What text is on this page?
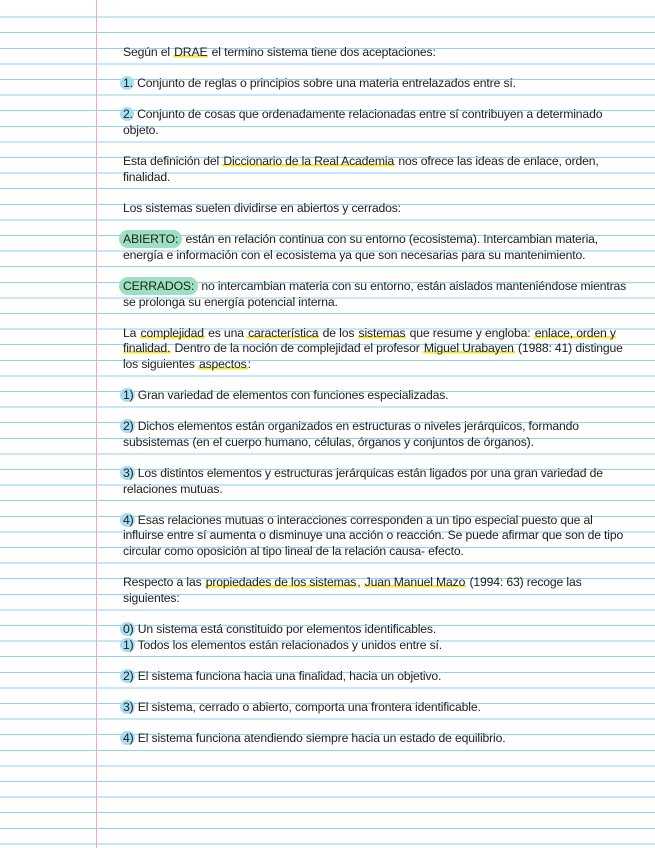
Según el DRAE el termino sistema tiene dos aceptaciones:

1. Conjunto de reglas o principios sobre una materia entrelazados entre sí.

2. Conjunto de cosas que ordenadamente relacionadas entre sí contribuyen a determinado objeto.

Esta definición del Diccionario de la Real Academia nos ofrece las ideas de enlace, orden, finalidad.

Los sistemas suelen dividirse en abiertos y cerrados:

ABIERTO: están en relación continua con su entorno (ecosistema). Intercambian materia, energía e información con el ecosistema ya que son necesarias para su mantenimiento.

CERRADOS: no intercambian materia con su entorno, están aislados manteniéndose mientras se prolonga su energía potencial interna.

La complejidad es una característica de los sistemas que resume y engloba: enlace, orden y finalidad. Dentro de la noción de complejidad el profesor Miguel Urabayen (1988: 41) distingue los siguientes aspectos:

1) Gran variedad de elementos con funciones especializadas.

2) Dichos elementos están organizados en estructuras o niveles jerárquicos, formando subsistemas (en el cuerpo humano, células, órganos y conjuntos de órganos).

3) Los distintos elementos y estructuras jerárquicas están ligados por una gran variedad de relaciones mutuas.

4) Esas relaciones mutuas o interacciones corresponden a un tipo especial puesto que al influirse entre sí aumenta o disminuye una acción o reacción. Se puede afirmar que son de tipo circular como oposición al tipo lineal de la relación causa- efecto.

Respecto a las propiedades de los sistemas, Juan Manuel Mazo (1994: 63) recoge las siguientes:

0) Un sistema está constituido por elementos identificables.

1) Todos los elementos están relacionados y unidos entre sí.

2) El sistema funciona hacia una finalidad, hacia un objetivo.

3) El sistema, cerrado o abierto, comporta una frontera identificable.

4) El sistema funciona atendiendo siempre hacia un estado de equilibrio.
